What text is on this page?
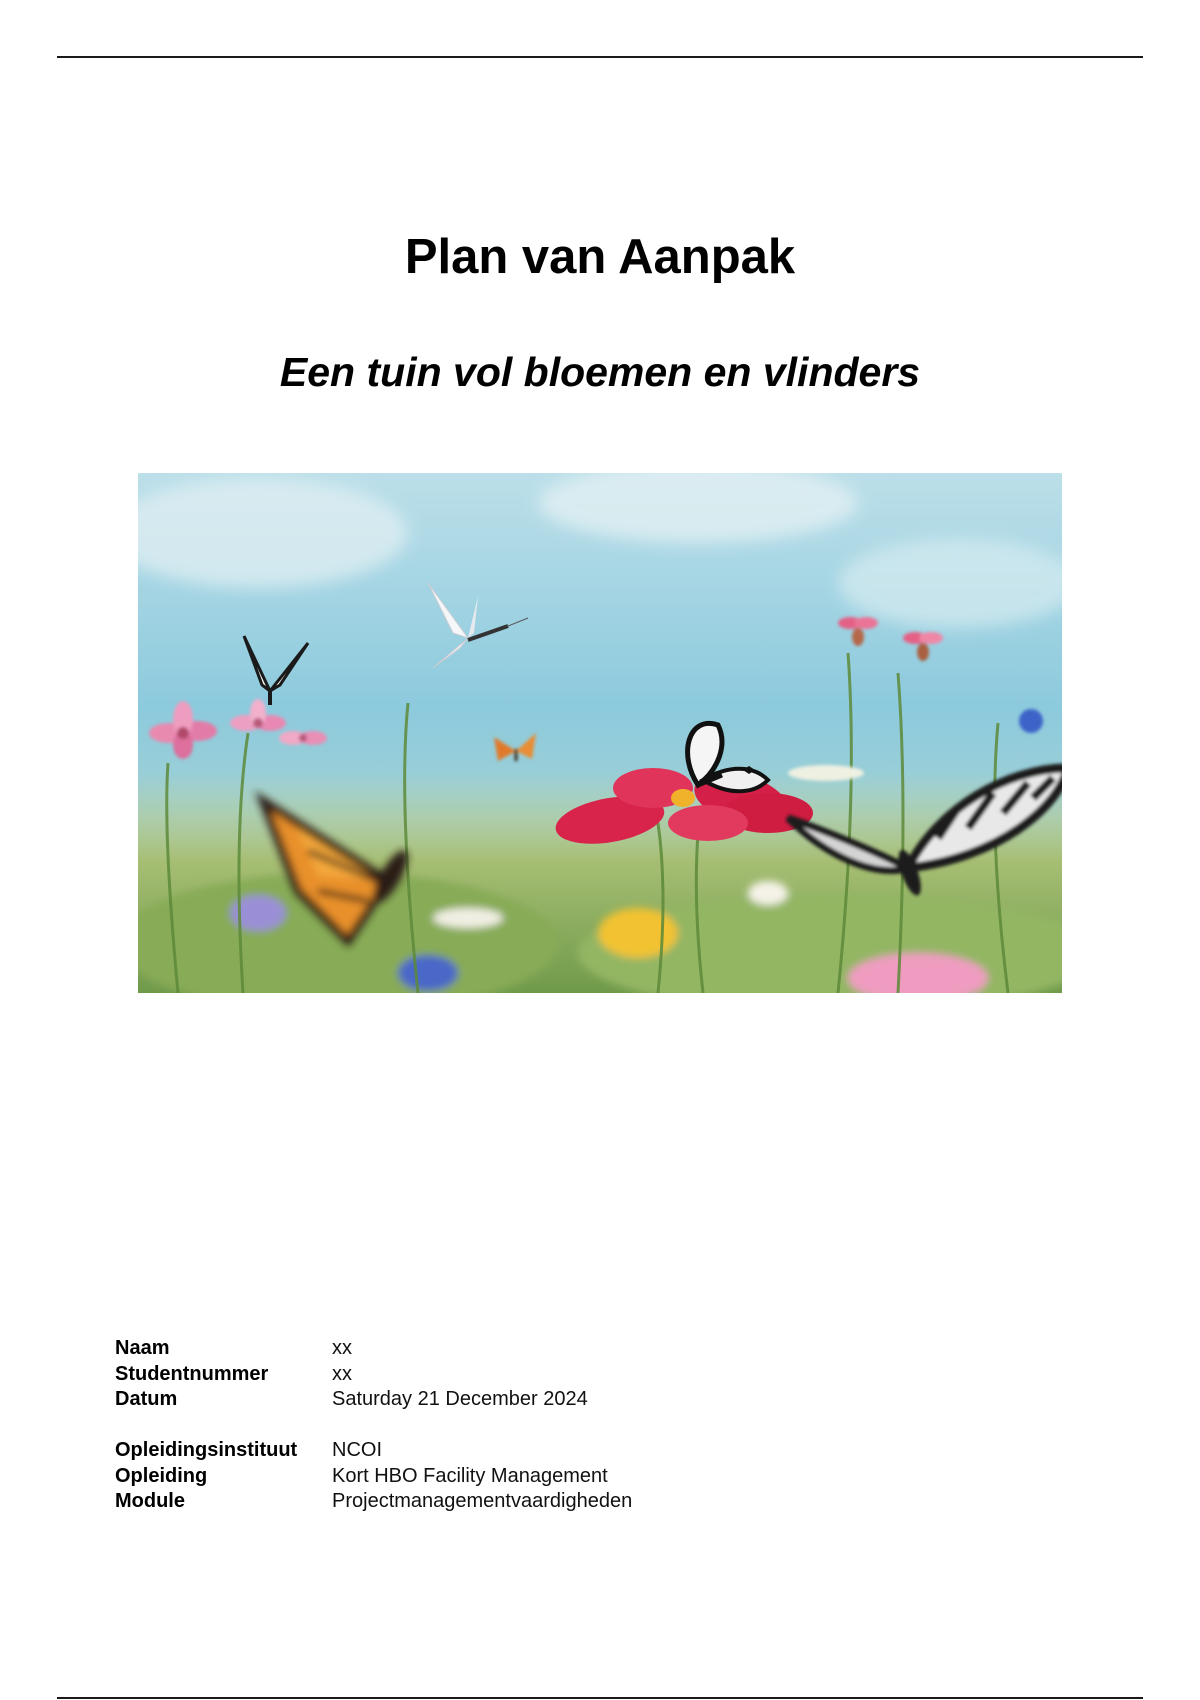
Plan van Aanpak
Een tuin vol bloemen en vlinders
Naam	xx
Studentnummer	xx
Datum	Saturday 21 December 2024
Opleidingsinstituut	NCOI
Opleiding	Kort HBO Facility Management
Module	Projectmanagementvaardigheden
